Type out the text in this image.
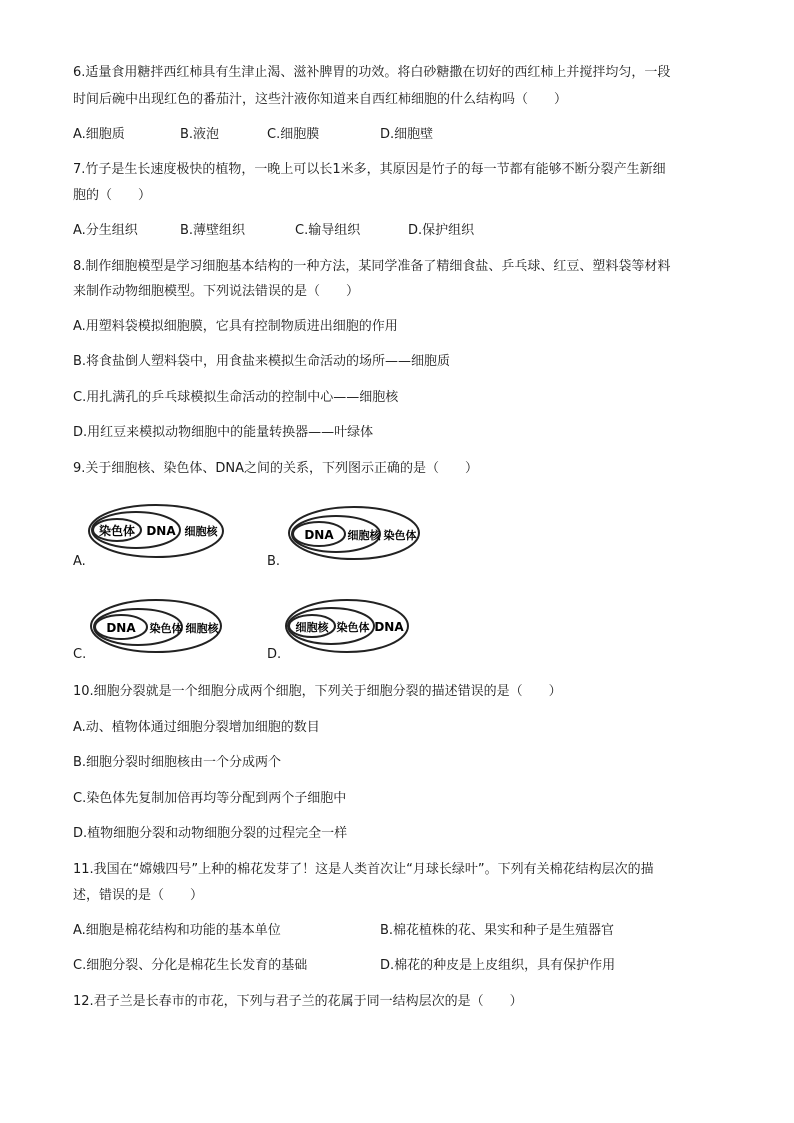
6.适量食用糖拌西红柿具有生津止渴、滋补脾胃的功效。将白砂糖撒在切好的西红柿上并搅拌均匀，一段
时间后碗中出现红色的番茄汁，这些汁液你知道来自西红柿细胞的什么结构吗（　　）
A.细胞质	B.液泡	C.细胞膜	D.细胞壁
7.竹子是生长速度极快的植物，一晚上可以长1米多，其原因是竹子的每一节都有能够不断分裂产生新细
胞的（　　）
A.分生组织	B.薄壁组织	C.输导组织	D.保护组织
8.制作细胞模型是学习细胞基本结构的一种方法，某同学准备了精细食盐、乒乓球、红豆、塑料袋等材料
来制作动物细胞模型。下列说法错误的是（　　）
A.用塑料袋模拟细胞膜，它具有控制物质进出细胞的作用
B.将食盐倒人塑料袋中，用食盐来模拟生命活动的场所——细胞质
C.用扎满孔的乒乓球模拟生命活动的控制中心——细胞核
D.用红豆来模拟动物细胞中的能量转换器——叶绿体
9.关于细胞核、染色体、DNA之间的关系，下列图示正确的是（　　）
A.
染色体 DNA 细胞核
B.
DNA 细胞核 染色体
C.
DNA 染色体 细胞核
D.
细胞核 染色体 DNA
10.细胞分裂就是一个细胞分成两个细胞，下列关于细胞分裂的描述错误的是（　　）
A.动、植物体通过细胞分裂增加细胞的数目
B.细胞分裂时细胞核由一个分成两个
C.染色体先复制加倍再均等分配到两个子细胞中
D.植物细胞分裂和动物细胞分裂的过程完全一样
11.我国在“嫦娥四号”上种的棉花发芽了！这是人类首次让“月球长绿叶”。下列有关棉花结构层次的描
述，错误的是（　　）
A.细胞是棉花结构和功能的基本单位	B.棉花植株的花、果实和种子是生殖器官
C.细胞分裂、分化是棉花生长发育的基础	D.棉花的种皮是上皮组织，具有保护作用
12.君子兰是长春市的市花，下列与君子兰的花属于同一结构层次的是（　　）
